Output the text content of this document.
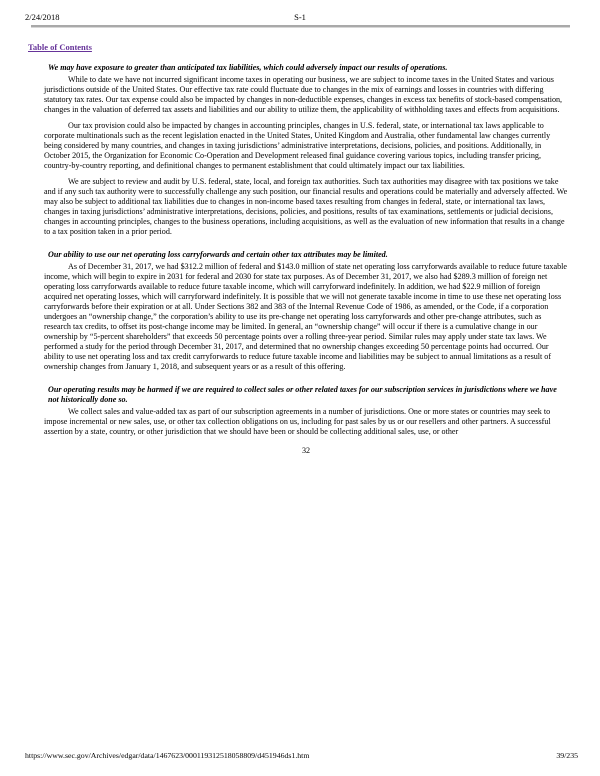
2/24/2018	S-1
Table of Contents
We may have exposure to greater than anticipated tax liabilities, which could adversely impact our results of operations.

While to date we have not incurred significant income taxes in operating our business, we are subject to income taxes in the United States and various jurisdictions outside of the United States. Our effective tax rate could fluctuate due to changes in the mix of earnings and losses in countries with differing statutory tax rates. Our tax expense could also be impacted by changes in non-deductible expenses, changes in excess tax benefits of stock-based compensation, changes in the valuation of deferred tax assets and liabilities and our ability to utilize them, the applicability of withholding taxes and effects from acquisitions.

Our tax provision could also be impacted by changes in accounting principles, changes in U.S. federal, state, or international tax laws applicable to corporate multinationals such as the recent legislation enacted in the United States, United Kingdom and Australia, other fundamental law changes currently being considered by many countries, and changes in taxing jurisdictions’ administrative interpretations, decisions, policies, and positions. Additionally, in October 2015, the Organization for Economic Co-Operation and Development released final guidance covering various topics, including transfer pricing, country-by-country reporting, and definitional changes to permanent establishment that could ultimately impact our tax liabilities.

We are subject to review and audit by U.S. federal, state, local, and foreign tax authorities. Such tax authorities may disagree with tax positions we take and if any such tax authority were to successfully challenge any such position, our financial results and operations could be materially and adversely affected. We may also be subject to additional tax liabilities due to changes in non-income based taxes resulting from changes in federal, state, or international tax laws, changes in taxing jurisdictions’ administrative interpretations, decisions, policies, and positions, results of tax examinations, settlements or judicial decisions, changes in accounting principles, changes to the business operations, including acquisitions, as well as the evaluation of new information that results in a change to a tax position taken in a prior period.

Our ability to use our net operating loss carryforwards and certain other tax attributes may be limited.

As of December 31, 2017, we had $312.2 million of federal and $143.0 million of state net operating loss carryforwards available to reduce future taxable income, which will begin to expire in 2031 for federal and 2030 for state tax purposes. As of December 31, 2017, we also had $289.3 million of foreign net operating loss carryforwards available to reduce future taxable income, which will carryforward indefinitely. In addition, we had $22.9 million of foreign acquired net operating losses, which will carryforward indefinitely. It is possible that we will not generate taxable income in time to use these net operating loss carryforwards before their expiration or at all. Under Sections 382 and 383 of the Internal Revenue Code of 1986, as amended, or the Code, if a corporation undergoes an “ownership change,” the corporation’s ability to use its pre-change net operating loss carryforwards and other pre-change attributes, such as research tax credits, to offset its post-change income may be limited. In general, an “ownership change” will occur if there is a cumulative change in our ownership by “5-percent shareholders” that exceeds 50 percentage points over a rolling three-year period. Similar rules may apply under state tax laws. We performed a study for the period through December 31, 2017, and determined that no ownership changes exceeding 50 percentage points had occurred. Our ability to use net operating loss and tax credit carryforwards to reduce future taxable income and liabilities may be subject to annual limitations as a result of ownership changes from January 1, 2018, and subsequent years or as a result of this offering.

Our operating results may be harmed if we are required to collect sales or other related taxes for our subscription services in jurisdictions where we have not historically done so.

We collect sales and value-added tax as part of our subscription agreements in a number of jurisdictions. One or more states or countries may seek to impose incremental or new sales, use, or other tax collection obligations on us, including for past sales by us or our resellers and other partners. A successful assertion by a state, country, or other jurisdiction that we should have been or should be collecting additional sales, use, or other

32
https://www.sec.gov/Archives/edgar/data/1467623/000119312518058809/d451946ds1.htm	39/235
